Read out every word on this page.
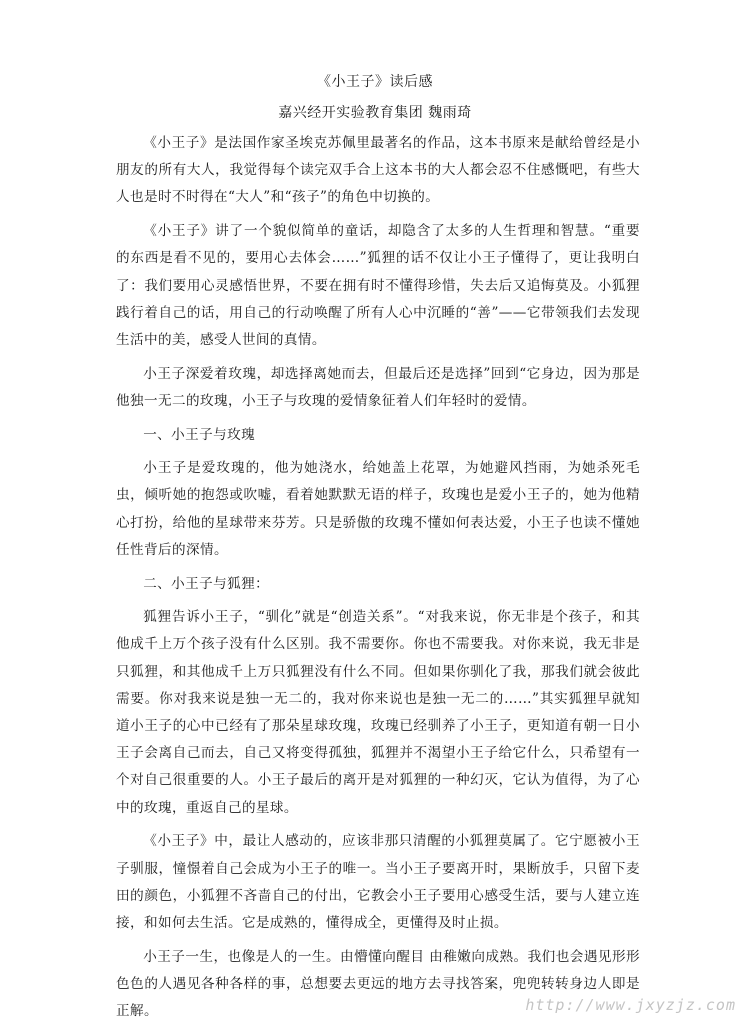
《小王子》读后感
嘉兴经开实验教育集团 魏雨琦

《小王子》是法国作家圣埃克苏佩里最著名的作品，这本书原来是献给曾经是小朋友的所有大人，我觉得每个读完双手合上这本书的大人都会忍不住感慨吧，有些大人也是时不时得在“大人”和“孩子”的角色中切换的。

《小王子》讲了一个貌似简单的童话，却隐含了太多的人生哲理和智慧。“重要的东西是看不见的，要用心去体会……”狐狸的话不仅让小王子懂得了，更让我明白了：我们要用心灵感悟世界，不要在拥有时不懂得珍惜，失去后又追悔莫及。小狐狸践行着自己的话，用自己的行动唤醒了所有人心中沉睡的“善”——它带领我们去发现生活中的美，感受人世间的真情。

小王子深爱着玫瑰，却选择离她而去，但最后还是选择”回到“它身边，因为那是他独一无二的玫瑰，小王子与玫瑰的爱情象征着人们年轻时的爱情。

一、小王子与玫瑰

小王子是爱玫瑰的，他为她浇水，给她盖上花罩，为她避风挡雨，为她杀死毛虫，倾听她的抱怨或吹嘘，看着她默默无语的样子，玫瑰也是爱小王子的，她为他精心打扮，给他的星球带来芬芳。只是骄傲的玫瑰不懂如何表达爱，小王子也读不懂她任性背后的深情。

二、小王子与狐狸：

狐狸告诉小王子，“驯化”就是“创造关系”。“对我来说，你无非是个孩子，和其他成千上万个孩子没有什么区别。我不需要你。你也不需要我。对你来说，我无非是只狐狸，和其他成千上万只狐狸没有什么不同。但如果你驯化了我，那我们就会彼此需要。你对我来说是独一无二的，我对你来说也是独一无二的……”其实狐狸早就知道小王子的心中已经有了那朵星球玫瑰，玫瑰已经驯养了小王子，更知道有朝一日小王子会离自己而去，自己又将变得孤独，狐狸并不渴望小王子给它什么，只希望有一个对自己很重要的人。小王子最后的离开是对狐狸的一种幻灭，它认为值得，为了心中的玫瑰，重返自己的星球。

《小王子》中，最让人感动的，应该非那只清醒的小狐狸莫属了。它宁愿被小王子驯服，憧憬着自己会成为小王子的唯一。当小王子要离开时，果断放手，只留下麦田的颜色，小狐狸不吝啬自己的付出，它教会小王子要用心感受生活，要与人建立连接，和如何去生活。它是成熟的，懂得成全，更懂得及时止损。

小王子一生，也像是人的一生。由懵懂向醒目 由稚嫩向成熟。我们也会遇见形形色色的人遇见各种各样的事，总想要去更远的地方去寻找答案，兜兜转转身边人即是正解。	http://www.jxyzjz.com
